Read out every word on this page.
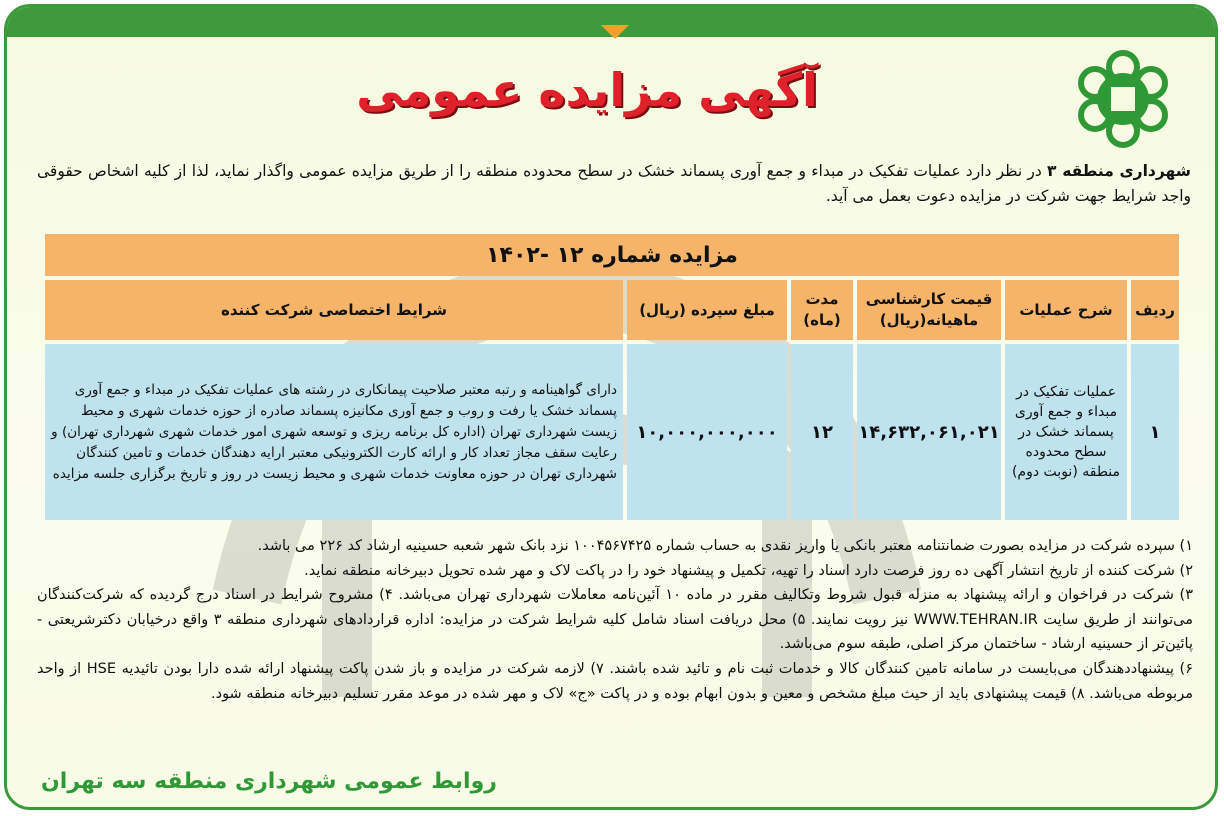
آگهی مزایده عمومی
شهرداری منطقه ۳ در نظر دارد عملیات تفکیک در مبداء و جمع آوری پسماند خشک در سطح محدوده منطقه را از طریق مزایده عمومی واگذار نماید، لذا از کلیه اشخاص حقوقی واجد شرایط جهت شرکت در مزایده دعوت بعمل می آید.
مزایده شماره ۱۲ -۱۴۰۲					
ردیف	شرح عملیات	قیمت کارشناسی ماهیانه(ریال)	مدت (ماه)	مبلغ سپرده (ریال)	شرایط اختصاصی شرکت کننده
۱	عملیات تفکیک در مبداء و جمع آوری پسماند خشک در سطح محدوده منطقه (نوبت دوم)	۱۴,۶۳۲,۰۶۱,۰۲۱	۱۲	۱۰,۰۰۰,۰۰۰,۰۰۰	دارای گواهینامه و رتبه معتبر صلاحیت پیمانکاری در رشته های عملیات تفکیک در مبداء و جمع آوری پسماند خشک یا رفت و روب و جمع آوری مکانیزه پسماند صادره از حوزه خدمات شهری و محیط زیست شهرداری تهران (اداره کل برنامه ریزی و توسعه شهری امور خدمات شهری شهرداری تهران) و رعایت سقف مجاز تعداد کار و ارائه کارت الکترونیکی معتبر ارایه دهندگان خدمات و تامین کنندگان شهرداری تهران در حوزه معاونت خدمات شهری و محیط زیست در روز و تاریخ برگزاری جلسه مزایده
۱) سپرده شرکت در مزایده بصورت ضمانتنامه معتبر بانکی یا واریز نقدی به حساب شماره ۱۰۰۴۵۶۷۴۲۵ نزد بانک شهر شعبه حسینیه ارشاد کد ۲۲۶ می باشد.
۲) شرکت کننده از تاریخ انتشار آگهی ده روز فرصت دارد اسناد را تهیه، تکمیل و پیشنهاد خود را در پاکت لاک و مهر شده تحویل دبیرخانه منطقه نماید.
۳) شرکت در فراخوان و ارائه پیشنهاد به منزله قبول شروط وتکالیف مقرر در ماده ۱۰ آئین‌نامه معاملات شهرداری تهران می‌باشد. ۴) مشروح شرایط در اسناد درج گردیده که شرکت‌کنندگان می‌توانند از طریق سایت WWW.TEHRAN.IR نیز رویت نمایند. ۵) محل دریافت اسناد شامل کلیه شرایط شرکت در مزایده: اداره قراردادهای شهرداری منطقه ۳ واقع درخیابان دکترشریعتی - پائین‌تر از حسینیه ارشاد - ساختمان مرکز اصلی، طبقه سوم می‌باشد.
۶) پیشنهاددهندگان می‌بایست در سامانه تامین کنندگان کالا و خدمات ثبت نام و تائید شده باشند. ۷) لازمه شرکت در مزایده و باز شدن پاکت پیشنهاد ارائه شده دارا بودن تائیدیه HSE از واحد مربوطه می‌باشد. ۸) قیمت پیشنهادی باید از حیث مبلغ مشخص و معین و بدون ابهام بوده و در پاکت «ج» لاک و مهر شده در موعد مقرر تسلیم دبیرخانه منطقه شود.
روابط عمومی شهرداری منطقه سه تهران
